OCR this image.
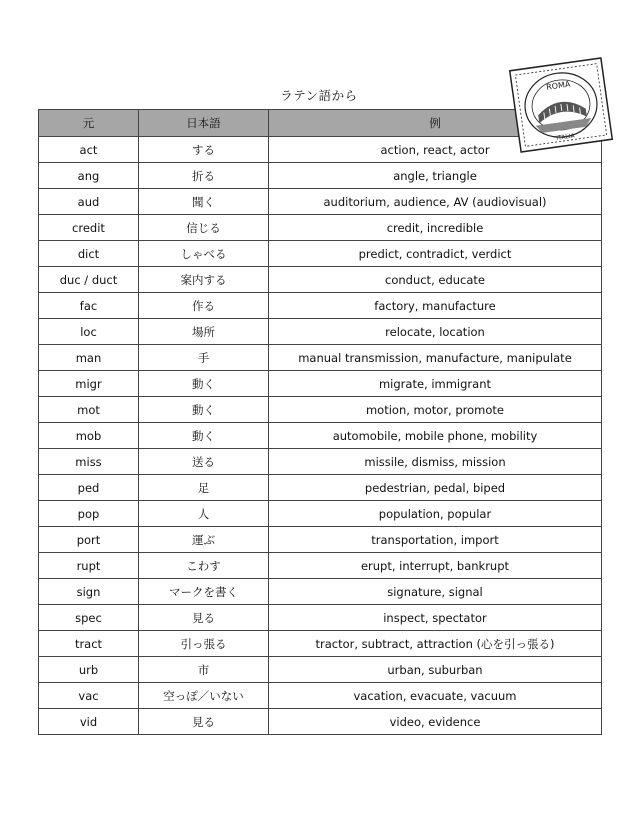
ラテン語から
元	日本語	例
act	する	action, react, actor
ang	折る	angle, triangle
aud	聞く	auditorium, audience, AV (audiovisual)
credit	信じる	credit, incredible
dict	しゃべる	predict, contradict, verdict
duc / duct	案内する	conduct, educate
fac	作る	factory, manufacture
loc	場所	relocate, location
man	手	manual transmission, manufacture, manipulate
migr	動く	migrate, immigrant
mot	動く	motion, motor, promote
mob	動く	automobile, mobile phone, mobility
miss	送る	missile, dismiss, mission
ped	足	pedestrian, pedal, biped
pop	人	population, popular
port	運ぶ	transportation, import
rupt	こわす	erupt, interrupt, bankrupt
sign	マークを書く	signature, signal
spec	見る	inspect, spectator
tract	引っ張る	tractor, subtract, attraction (心を引っ張る)
urb	市	urban, suburban
vac	空っぽ／いない	vacation, evacuate, vacuum
vid	見る	video, evidence
ROMA
ITALIA
